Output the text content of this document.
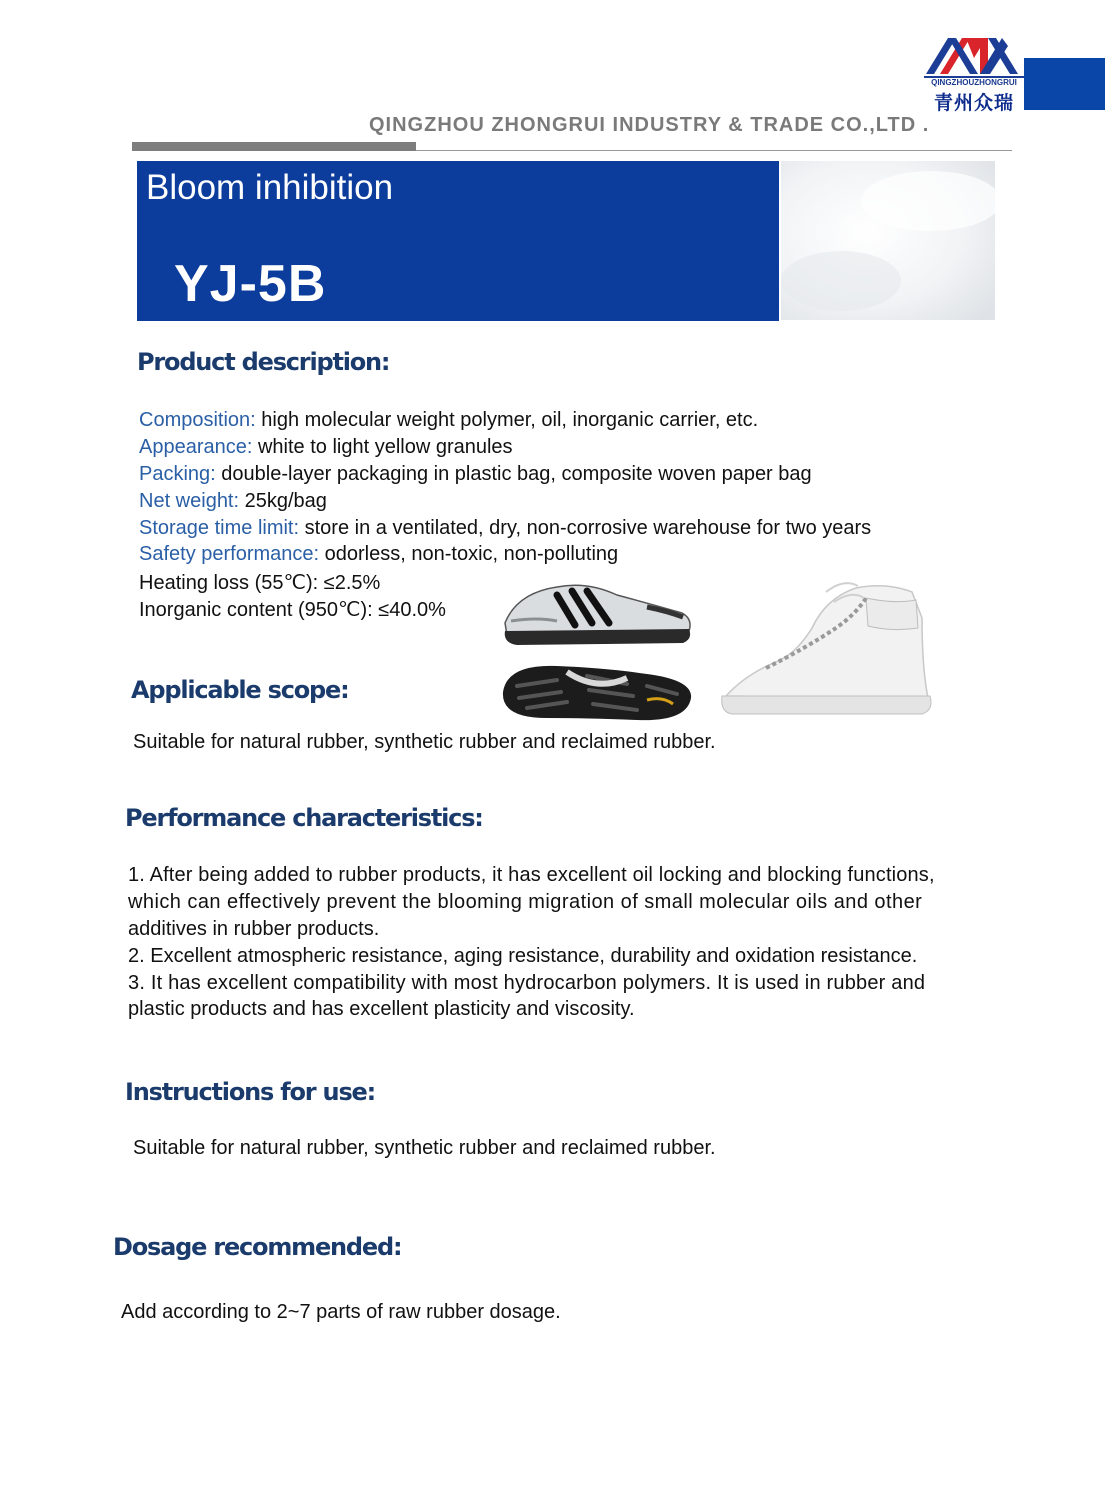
QINGZHOUZHONGRUI
青州众瑞
QINGZHOU ZHONGRUI INDUSTRY & TRADE CO.,LTD .
Bloom inhibition
YJ-5B
Product description:
Composition: high molecular weight polymer, oil, inorganic carrier, etc.
Appearance: white to light yellow granules
Packing: double-layer packaging in plastic bag, composite woven paper bag
Net weight: 25kg/bag
Storage time limit: store in a ventilated, dry, non-corrosive warehouse for two years
Safety performance: odorless, non-toxic, non-polluting
Heating loss (55℃): ≤2.5%
Inorganic content (950℃): ≤40.0%
Applicable scope:
Suitable for natural rubber, synthetic rubber and reclaimed rubber.
Performance characteristics:
1. After being added to rubber products, it has excellent oil locking and blocking functions,
which can effectively prevent the blooming migration of small molecular oils and other
additives in rubber products.
2. Excellent atmospheric resistance, aging resistance, durability and oxidation resistance.
3. It has excellent compatibility with most hydrocarbon polymers. It is used in rubber and
plastic products and has excellent plasticity and viscosity.
Instructions for use:
Suitable for natural rubber, synthetic rubber and reclaimed rubber.
Dosage recommended:
Add according to 2~7 parts of raw rubber dosage.
